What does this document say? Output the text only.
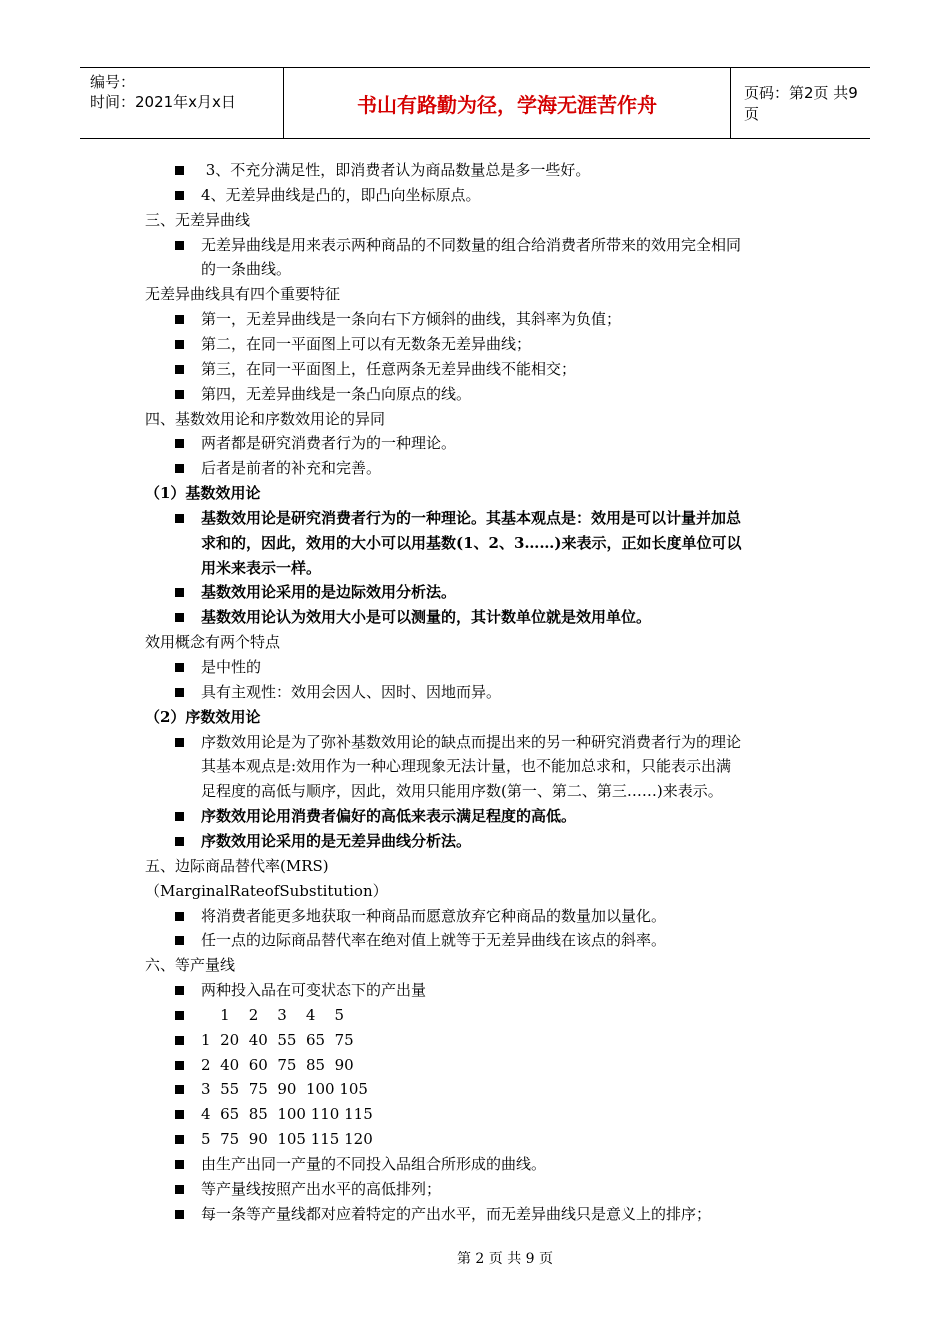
编号：
时间：2021年x月x日	书山有路勤为径，学海无涯苦作舟	页码：第2页 共9页
3、不充分满足性，即消费者认为商品数量总是多一些好。
4、无差异曲线是凸的，即凸向坐标原点。
三、无差异曲线
无差异曲线是用来表示两种商品的不同数量的组合给消费者所带来的效用完全相同
的一条曲线。
无差异曲线具有四个重要特征
第一，无差异曲线是一条向右下方倾斜的曲线，其斜率为负值；
第二，在同一平面图上可以有无数条无差异曲线；
第三，在同一平面图上，任意两条无差异曲线不能相交；
第四，无差异曲线是一条凸向原点的线。
四、基数效用论和序数效用论的异同
两者都是研究消费者行为的一种理论。
后者是前者的补充和完善。
（1）基数效用论
基数效用论是研究消费者行为的一种理论。其基本观点是：效用是可以计量并加总
求和的，因此，效用的大小可以用基数(1、2、3……)来表示，正如长度单位可以
用米来表示一样。
基数效用论采用的是边际效用分析法。
基数效用论认为效用大小是可以测量的，其计数单位就是效用单位。
效用概念有两个特点
是中性的
具有主观性：效用会因人、因时、因地而异。
（2）序数效用论
序数效用论是为了弥补基数效用论的缺点而提出来的另一种研究消费者行为的理论
其基本观点是:效用作为一种心理现象无法计量，也不能加总求和，只能表示出满
足程度的高低与顺序，因此，效用只能用序数(第一、第二、第三……)来表示。
序数效用论用消费者偏好的高低来表示满足程度的高低。
序数效用论采用的是无差异曲线分析法。
五、边际商品替代率(MRS)
（MarginalRateofSubstitution）
将消费者能更多地获取一种商品而愿意放弃它种商品的数量加以量化。
任一点的边际商品替代率在绝对值上就等于无差异曲线在该点的斜率。
六、等产量线
两种投入品在可变状态下的产出量
1    2    3    4    5
1  20  40  55  65  75
2  40  60  75  85  90
3  55  75  90  100 105
4  65  85  100 110 115
5  75  90  105 115 120
由生产出同一产量的不同投入品组合所形成的曲线。
等产量线按照产出水平的高低排列；
每一条等产量线都对应着特定的产出水平，而无差异曲线只是意义上的排序；
第 2 页 共 9 页
